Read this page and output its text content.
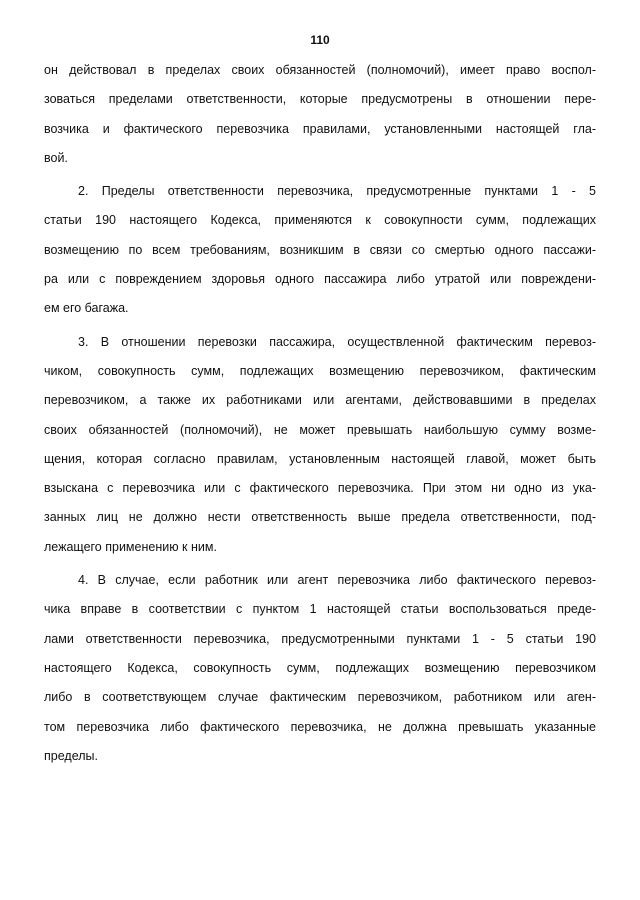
110
он действовал в пределах своих обязанностей (полномочий), имеет право воспол-
зоваться пределами ответственности, которые предусмотрены в отношении пере-
возчика и фактического перевозчика правилами, установленными настоящей гла-
вой.
2. Пределы ответственности перевозчика, предусмотренные пунктами 1 - 5
статьи 190 настоящего Кодекса, применяются к совокупности сумм, подлежащих
возмещению по всем требованиям, возникшим в связи со смертью одного пассажи-
ра или с повреждением здоровья одного пассажира либо утратой или повреждени-
ем его багажа.
3. В отношении перевозки пассажира, осуществленной фактическим перевоз-
чиком, совокупность сумм, подлежащих возмещению перевозчиком, фактическим
перевозчиком, а также их работниками или агентами, действовавшими в пределах
своих обязанностей (полномочий), не может превышать наибольшую сумму возме-
щения, которая согласно правилам, установленным настоящей главой, может быть
взыскана с перевозчика или с фактического перевозчика. При этом ни одно из ука-
занных лиц не должно нести ответственность выше предела ответственности, под-
лежащего применению к ним.
4. В случае, если работник или агент перевозчика либо фактического перевоз-
чика вправе в соответствии с пунктом 1 настоящей статьи воспользоваться преде-
лами ответственности перевозчика, предусмотренными пунктами 1 - 5 статьи 190
настоящего Кодекса, совокупность сумм, подлежащих возмещению перевозчиком
либо в соответствующем случае фактическим перевозчиком, работником или аген-
том перевозчика либо фактического перевозчика, не должна превышать указанные
пределы.
